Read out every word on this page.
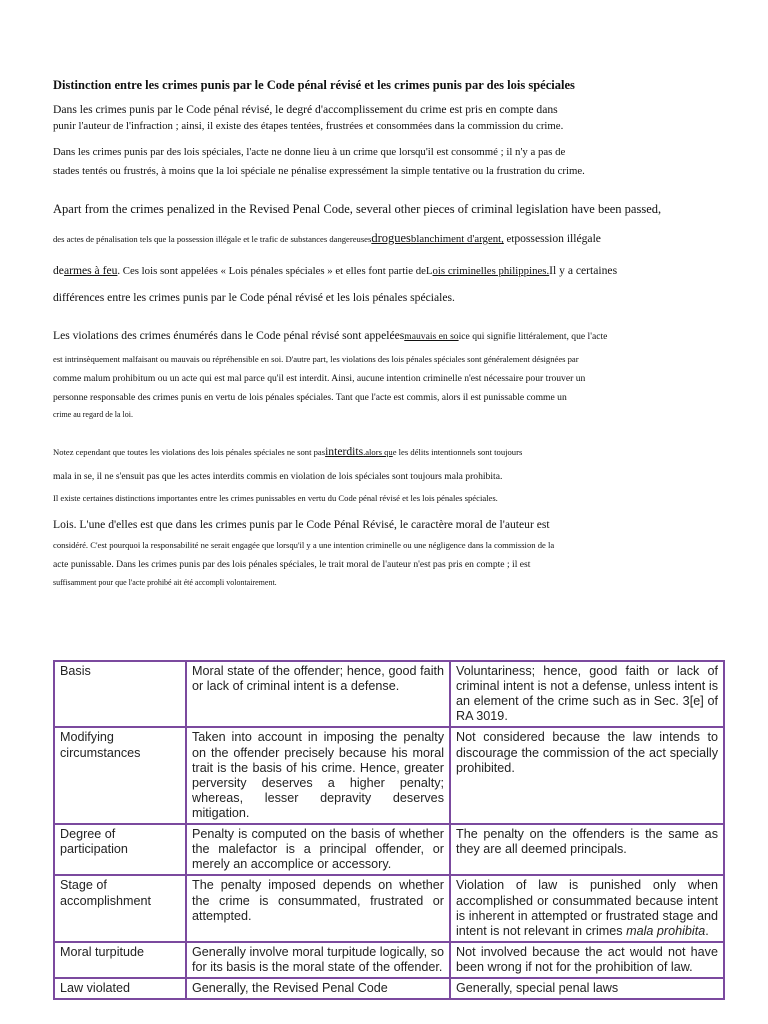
Distinction entre les crimes punis par le Code pénal révisé et les crimes punis par des lois spéciales

Dans les crimes punis par le Code pénal révisé, le degré d'accomplissement du crime est pris en compte dans
punir l'auteur de l'infraction ; ainsi, il existe des étapes tentées, frustrées et consommées dans la commission du crime.

Dans les crimes punis par des lois spéciales, l'acte ne donne lieu à un crime que lorsqu'il est consommé ; il n'y a pas de
stades tentés ou frustrés, à moins que la loi spéciale ne pénalise expressément la simple tentative ou la frustration du crime.

Apart from the crimes penalized in the Revised Penal Code, several other pieces of criminal legislation have been passed,
des actes de pénalisation tels que la possession illégale et le trafic de substances dangereusesdroguesblanchiment d'argent, etpossession illégale
dearmes à feu. Ces lois sont appelées « Lois pénales spéciales » et elles font partie deLois criminelles philippines.Il y a certaines
différences entre les crimes punis par le Code pénal révisé et les lois pénales spéciales.

Les violations des crimes énumérés dans le Code pénal révisé sont appeléesmauvais en soice qui signifie littéralement, que l'acte
est intrinsèquement malfaisant ou mauvais ou répréhensible en soi. D'autre part, les violations des lois pénales spéciales sont généralement désignées par
comme malum prohibitum ou un acte qui est mal parce qu'il est interdit. Ainsi, aucune intention criminelle n'est nécessaire pour trouver un
personne responsable des crimes punis en vertu de lois pénales spéciales. Tant que l'acte est commis, alors il est punissable comme un
crime au regard de la loi.

Notez cependant que toutes les violations des lois pénales spéciales ne sont pasinterdits.alors que les délits intentionnels sont toujours
mala in se, il ne s'ensuit pas que les actes interdits commis en violation de lois spéciales sont toujours mala prohibita.

Il existe certaines distinctions importantes entre les crimes punissables en vertu du Code pénal révisé et les lois pénales spéciales.

Lois. L'une d'elles est que dans les crimes punis par le Code Pénal Révisé, le caractère moral de l'auteur est
considéré. C'est pourquoi la responsabilité ne serait engagée que lorsqu'il y a une intention criminelle ou une négligence dans la commission de la
acte punissable. Dans les crimes punis par des lois pénales spéciales, le trait moral de l'auteur n'est pas pris en compte ; il est
suffisamment pour que l'acte prohibé ait été accompli volontairement.

Basis	Moral state of the offender; hence, good faith or lack of criminal intent is a defense.	Voluntariness; hence, good faith or lack of criminal intent is not a defense, unless intent is an element of the crime such as in Sec. 3[e] of RA 3019.
Modifying circumstances	Taken into account in imposing the penalty on the offender precisely because his moral trait is the basis of his crime. Hence, greater perversity deserves a higher penalty; whereas, lesser depravity deserves mitigation.	Not considered because the law intends to discourage the commission of the act specially prohibited.
Degree of participation	Penalty is computed on the basis of whether the malefactor is a principal offender, or merely an accomplice or accessory.	The penalty on the offenders is the same as they are all deemed principals.
Stage of accomplishment	The penalty imposed depends on whether the crime is consummated, frustrated or attempted.	Violation of law is punished only when accomplished or consummated because intent is inherent in attempted or frustrated stage and intent is not relevant in crimes mala prohibita.
Moral turpitude	Generally involve moral turpitude logically, so for its basis is the moral state of the offender.	Not involved because the act would not have been wrong if not for the prohibition of law.
Law violated	Generally, the Revised Penal Code	Generally, special penal laws
